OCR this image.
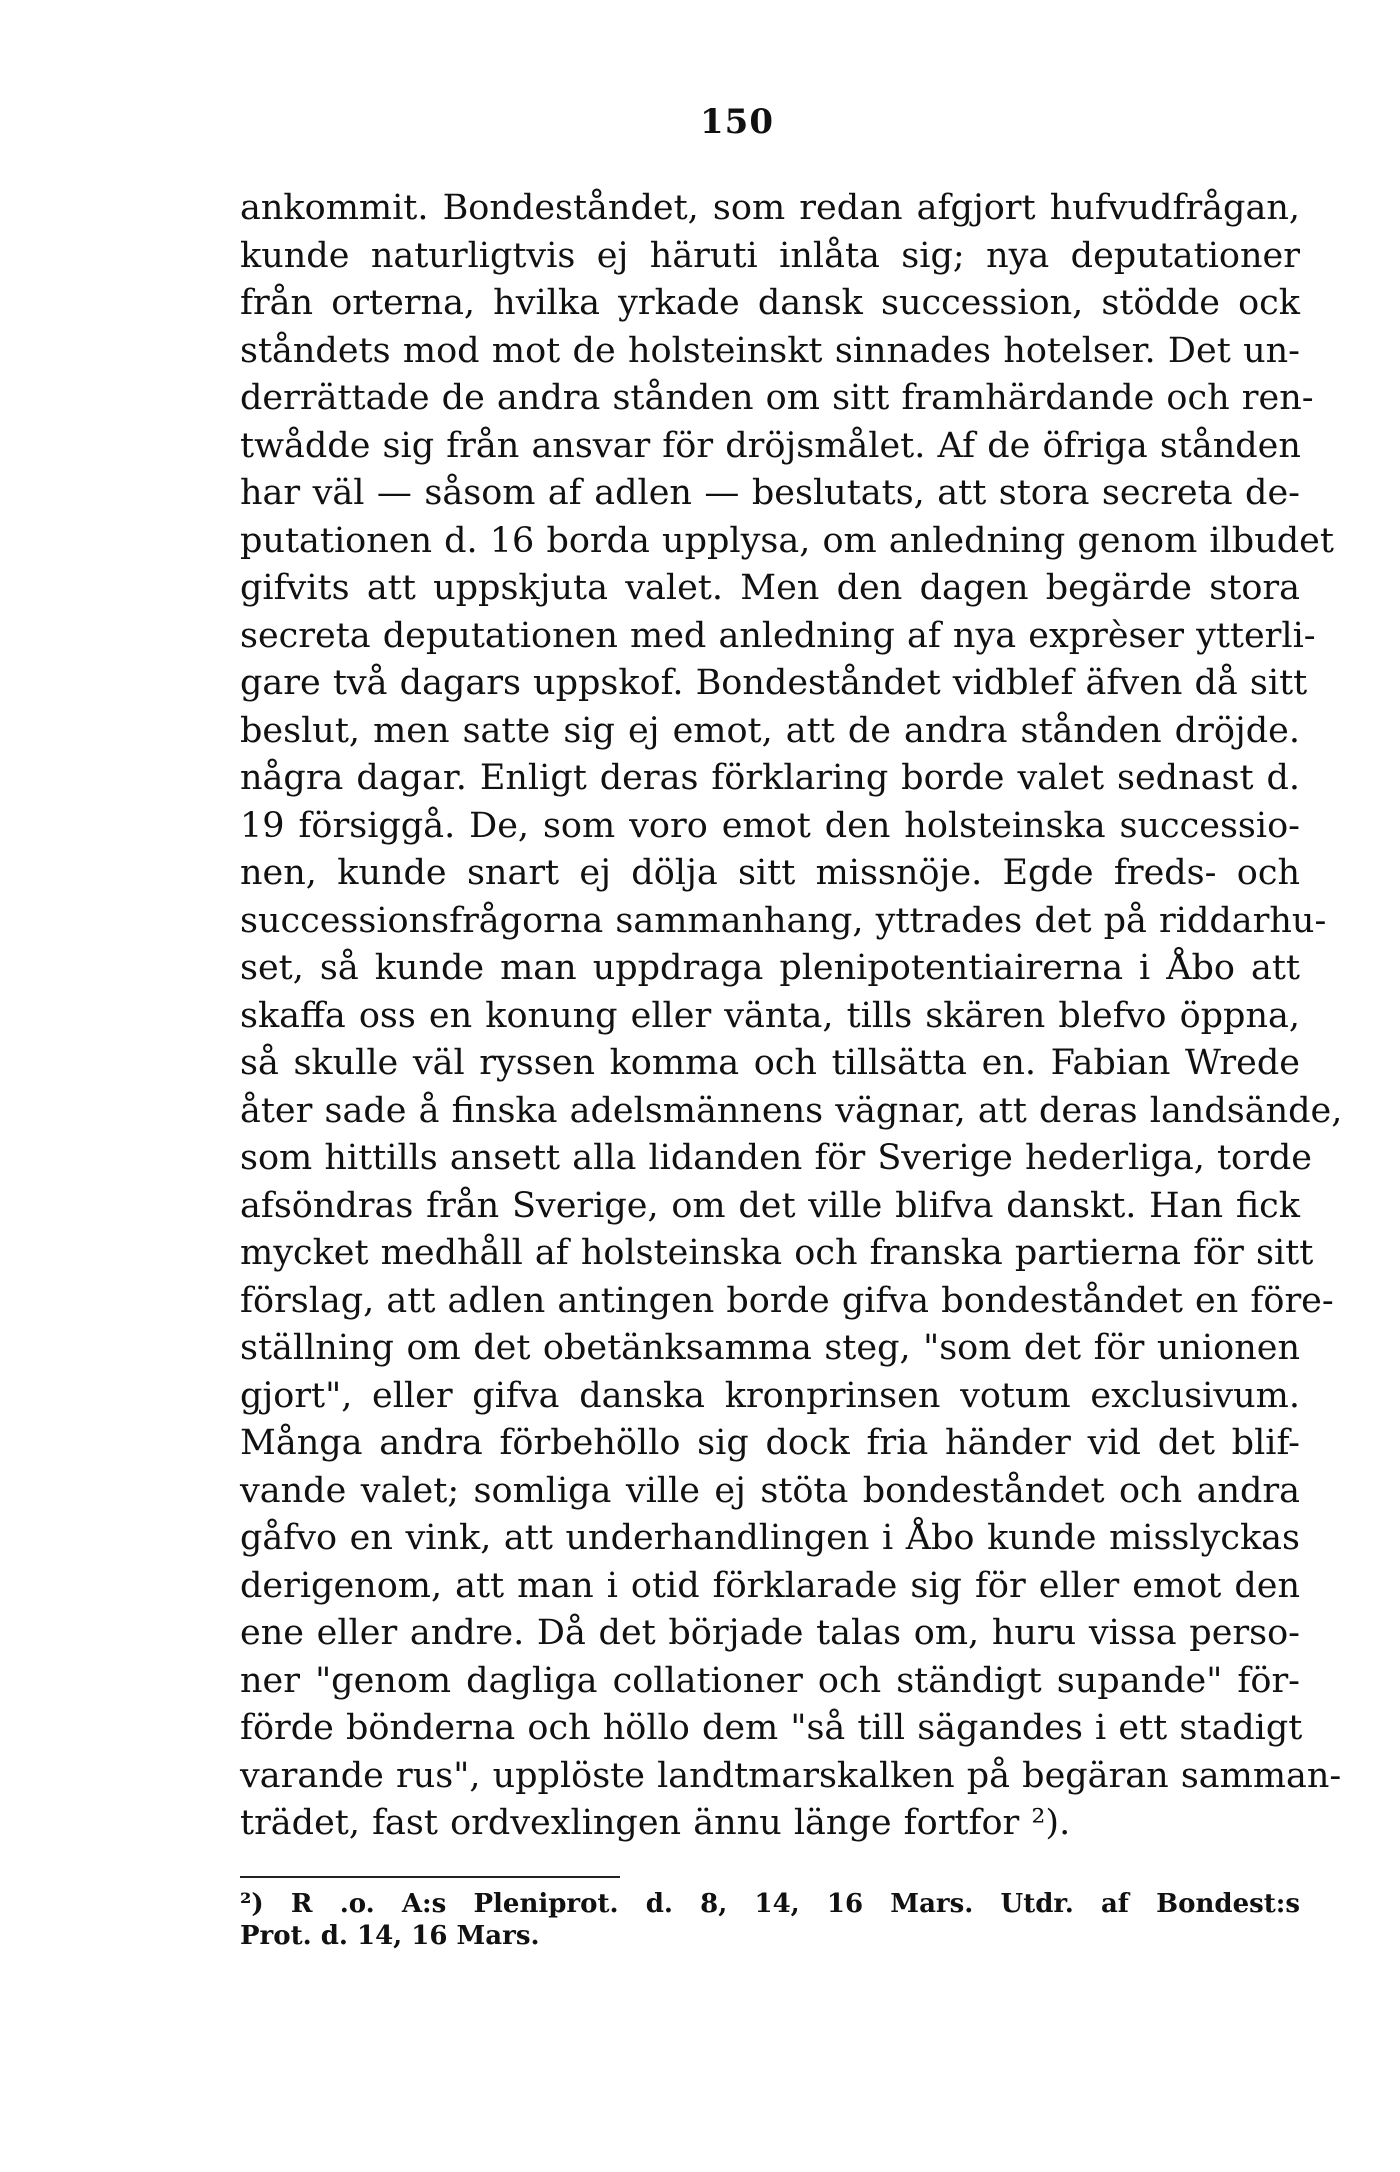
150
ankommit. Bondeståndet, som redan afgjort hufvudfrågan,
kunde naturligtvis ej häruti inlåta sig; nya deputationer
från orterna, hvilka yrkade dansk succession, stödde ock
ståndets mod mot de holsteinskt sinnades hotelser. Det un-
derrättade de andra stånden om sitt framhärdande och ren-
twådde sig från ansvar för dröjsmålet. Af de öfriga stånden
har väl — såsom af adlen — beslutats, att stora secreta de-
putationen d. 16 borda upplysa, om anledning genom ilbudet
gifvits att uppskjuta valet. Men den dagen begärde stora
secreta deputationen med anledning af nya exprèser ytterli-
gare två dagars uppskof. Bondeståndet vidblef äfven då sitt
beslut, men satte sig ej emot, att de andra stånden dröjde.
några dagar. Enligt deras förklaring borde valet sednast d.
19 försiggå. De, som voro emot den holsteinska successio-
nen, kunde snart ej dölja sitt missnöje. Egde freds- och
successionsfrågorna sammanhang, yttrades det på riddarhu-
set, så kunde man uppdraga plenipotentiairerna i Åbo att
skaffa oss en konung eller vänta, tills skären blefvo öppna,
så skulle väl ryssen komma och tillsätta en. Fabian Wrede
åter sade å finska adelsmännens vägnar, att deras landsände,
som hittills ansett alla lidanden för Sverige hederliga, torde
afsöndras från Sverige, om det ville blifva danskt. Han fick
mycket medhåll af holsteinska och franska partierna för sitt
förslag, att adlen antingen borde gifva bondeståndet en före-
ställning om det obetänksamma steg, "som det för unionen
gjort", eller gifva danska kronprinsen votum exclusivum.
Många andra förbehöllo sig dock fria händer vid det blif-
vande valet; somliga ville ej stöta bondeståndet och andra
gåfvo en vink, att underhandlingen i Åbo kunde misslyckas
derigenom, att man i otid förklarade sig för eller emot den
ene eller andre. Då det började talas om, huru vissa perso-
ner "genom dagliga collationer och ständigt supande" för-
förde bönderna och höllo dem "så till sägandes i ett stadigt
varande rus", upplöste landtmarskalken på begäran samman-
trädet, fast ordvexlingen ännu länge fortfor ²).
²) R .o. A:s Pleniprot. d. 8, 14, 16 Mars. Utdr. af Bondest:s
Prot. d. 14, 16 Mars.
